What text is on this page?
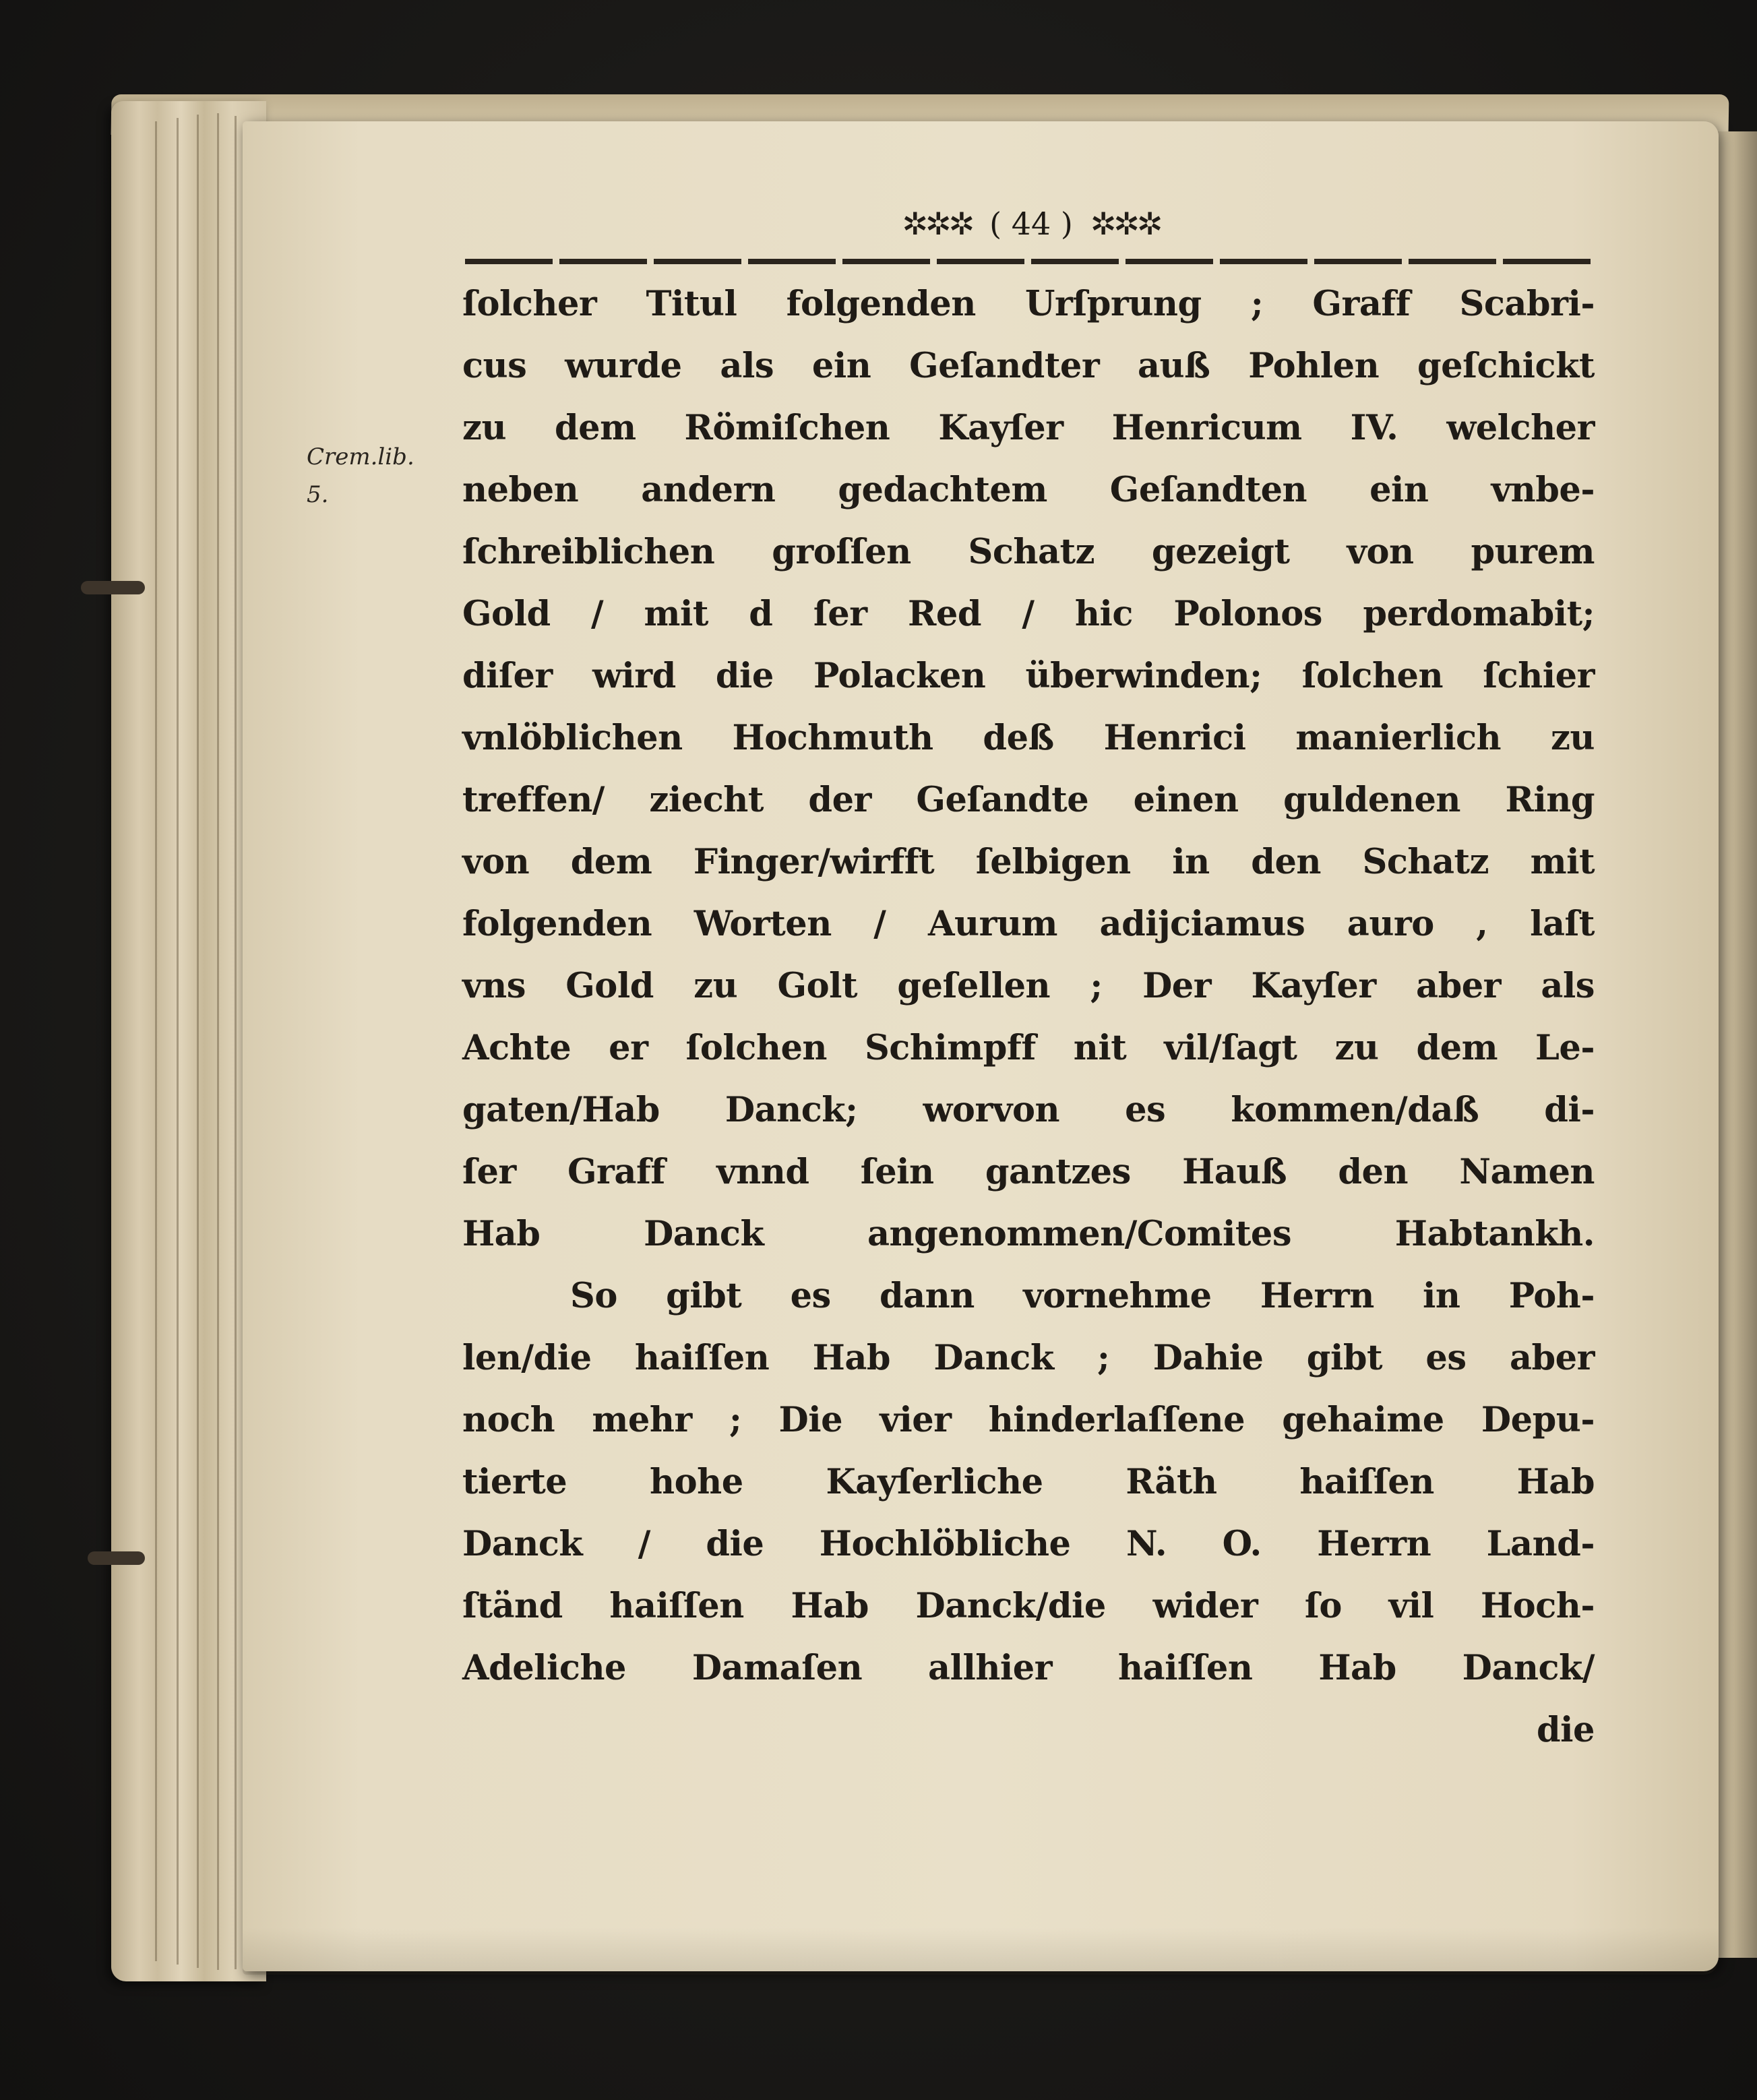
✲✲✲ ( 44 ) ✲✲✲
Crem.lib.
5.
ſolcher Titul folgenden Urſprung ; Graff Scabri-
cus wurde als ein Geſandter auß Pohlen geſchickt
zu dem Römiſchen Kayſer Henricum IV. welcher
neben andern gedachtem Geſandten ein vnbe-
ſchreiblichen groſſen Schatz gezeigt von purem
Gold / mit d ſer Red / hic Polonos perdomabit;
diſer wird die Polacken überwinden; ſolchen ſchier
vnlöblichen Hochmuth deß Henrici manierlich zu
treffen/ ziecht der Geſandte einen guldenen Ring
von dem Finger/wirfft ſelbigen in den Schatz mit
folgenden Worten / Aurum adijciamus auro , laſt
vns Gold zu Golt geſellen ; Der Kayſer aber als
Achte er ſolchen Schimpff nit vil/ſagt zu dem Le-
gaten/Hab Danck; worvon es kommen/daß di-
ſer Graff vnnd ſein gantzes Hauß den Namen
Hab Danck angenommen/Comites Habtankh.
So gibt es dann vornehme Herrn in Poh-
len/die haiſſen Hab Danck ; Dahie gibt es aber
noch mehr ; Die vier hinderlaſſene gehaime Depu-
tierte hohe Kayſerliche Räth haiſſen Hab
Danck / die Hochlöbliche N. O. Herrn Land-
ſtänd haiſſen Hab Danck/die wider ſo vil Hoch-
Adeliche Damaſen allhier haiſſen Hab Danck/
die
